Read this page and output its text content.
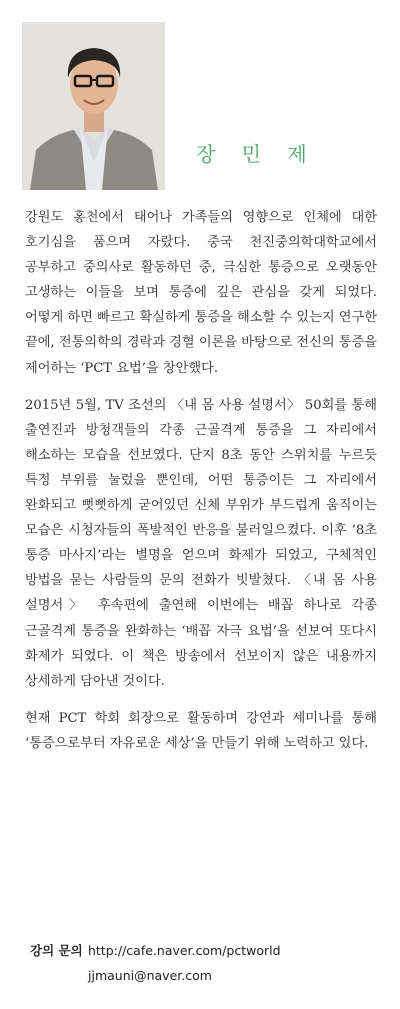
장 민 제

강원도 홍천에서 태어나 가족들의 영향으로 인체에 대한 호기심을 품으며 자랐다. 중국 천진중의학대학교에서 공부하고 중의사로 활동하던 중, 극심한 통증으로 오랫동안 고생하는 이들을 보며 통증에 깊은 관심을 갖게 되었다. 어떻게 하면 빠르고 확실하게 통증을 해소할 수 있는지 연구한 끝에, 전통의학의 경락과 경혈 이론을 바탕으로 전신의 통증을 제어하는 ‘PCT 요법’을 창안했다.

2015년 5월, TV 조선의 〈내 몸 사용 설명서〉 50회를 통해 출연진과 방청객들의 각종 근골격계 통증을 그 자리에서 해소하는 모습을 선보였다. 단지 8초 동안 스위치를 누르듯 특정 부위를 눌렀을 뿐인데, 어떤 통증이든 그 자리에서 완화되고 뻣뻣하게 굳어있던 신체 부위가 부드럽게 움직이는 모습은 시청자들의 폭발적인 반응을 불러일으켰다. 이후 ‘8초 통증 마사지’라는 별명을 얻으며 화제가 되었고, 구체적인 방법을 묻는 사람들의 문의 전화가 빗발쳤다. 〈내 몸 사용 설명서〉 후속편에 출연해 이번에는 배꼽 하나로 각종 근골격계 통증을 완화하는 ‘배꼽 자극 요법’을 선보여 또다시 화제가 되었다. 이 책은 방송에서 선보이지 않은 내용까지 상세하게 담아낸 것이다.

현재 PCT 학회 회장으로 활동하며 강연과 세미나를 통해 ‘통증으로부터 자유로운 세상’을 만들기 위해 노력하고 있다.

강의 문의 http://cafe.naver.com/pctworld
jjmauni@naver.com
